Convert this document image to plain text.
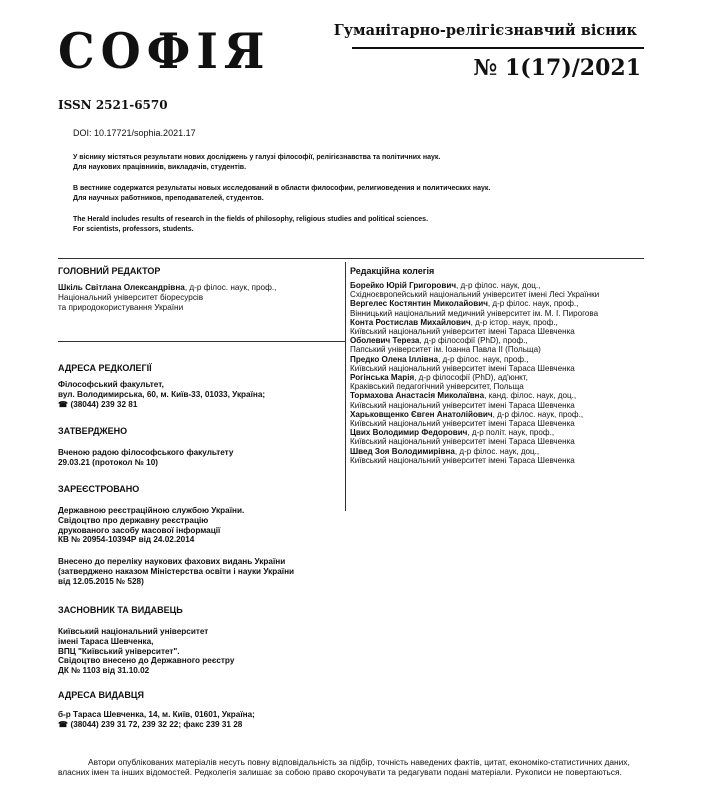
СОФІЯ	Гуманітарно-релігієзнавчий вісник
№ 1(17)/2021
ISSN 2521-6570
DOI: 10.17721/sophia.2021.17
У віснику містяться результати нових досліджень у галузі філософії, релігієзнавства та політичних наук.
Для наукових працівників, викладачів, студентів.
В вестнике содержатся результаты новых исследований в области философии, религиоведения и политических наук.
Для научных работников, преподавателей, студентов.
The Herald includes results of research in the fields of philosophy, religious studies and political sciences.
For scientists, professors, students.
ГОЛОВНИЙ РЕДАКТОР
Шкіль Світлана Олександрівна, д-р філос. наук, проф.,
Національний університет біоресурсів
та природокористування України
АДРЕСА РЕДКОЛЕГІЇ
Філософський факультет,
вул. Володимирська, 60, м. Київ-33, 01033, Україна;
☎ (38044) 239 32 81
ЗАТВЕРДЖЕНО
Вченою радою філософського факультету
29.03.21 (протокол № 10)
ЗАРЕЄСТРОВАНО
Державною реєстраційною службою України.
Свідоцтво про державну реєстрацію
друкованого засобу масової інформації
КВ № 20954-10394Р від 24.02.2014
Внесено до переліку наукових фахових видань України
(затверджено наказом Міністерства освіти і науки України
від 12.05.2015 № 528)
ЗАСНОВНИК ТА ВИДАВЕЦЬ
Київський національний університет
імені Тараса Шевченка,
ВПЦ "Київський університет".
Свідоцтво внесено до Державного реєстру
ДК № 1103 від 31.10.02
АДРЕСА ВИДАВЦЯ
б-р Тараса Шевченка, 14, м. Київ, 01601, Україна;
☎ (38044) 239 31 72, 239 32 22; факс 239 31 28
Редакційна колегія
Борейко Юрій Григорович, д-р філос. наук, доц.,
Східноєвропейський національний університет імені Лесі Українки
Вергелес Костянтин Миколайович, д-р філос. наук, проф.,
Вінницький національний медичний університет ім. М. І. Пирогова
Конта Ростислав Михайлович, д-р істор. наук, проф.,
Київський національний університет імені Тараса Шевченка
Оболевич Тереза, д-р філософії (PhD), проф.,
Папський університет ім. Іоанна Павла ІІ (Польща)
Предко Олена Іллівна, д-р філос. наук, проф.,
Київський національний університет імені Тараса Шевченка
Рогінська Марія, д-р філософії (PhD), ад'юнкт,
Краківський педагогічний університет, Польща
Тормахова Анастасія Миколаївна, канд. філос. наук, доц.,
Київський національний університет імені Тараса Шевченка
Харьковщенко Євген Анатолійович, д-р філос. наук, проф.,
Київський національний університет імені Тараса Шевченка
Цвих Володимир Федорович, д-р політ. наук, проф.,
Київський національний університет імені Тараса Шевченка
Швед Зоя Володимирівна, д-р філос. наук, доц.,
Київський національний університет імені Тараса Шевченка
Автори опублікованих матеріалів несуть повну відповідальність за підбір, точність наведених фактів, цитат, економіко-статистичних даних, власних імен та інших відомостей. Редколегія залишає за собою право скорочувати та редагувати подані матеріали. Рукописи не повертаються.
